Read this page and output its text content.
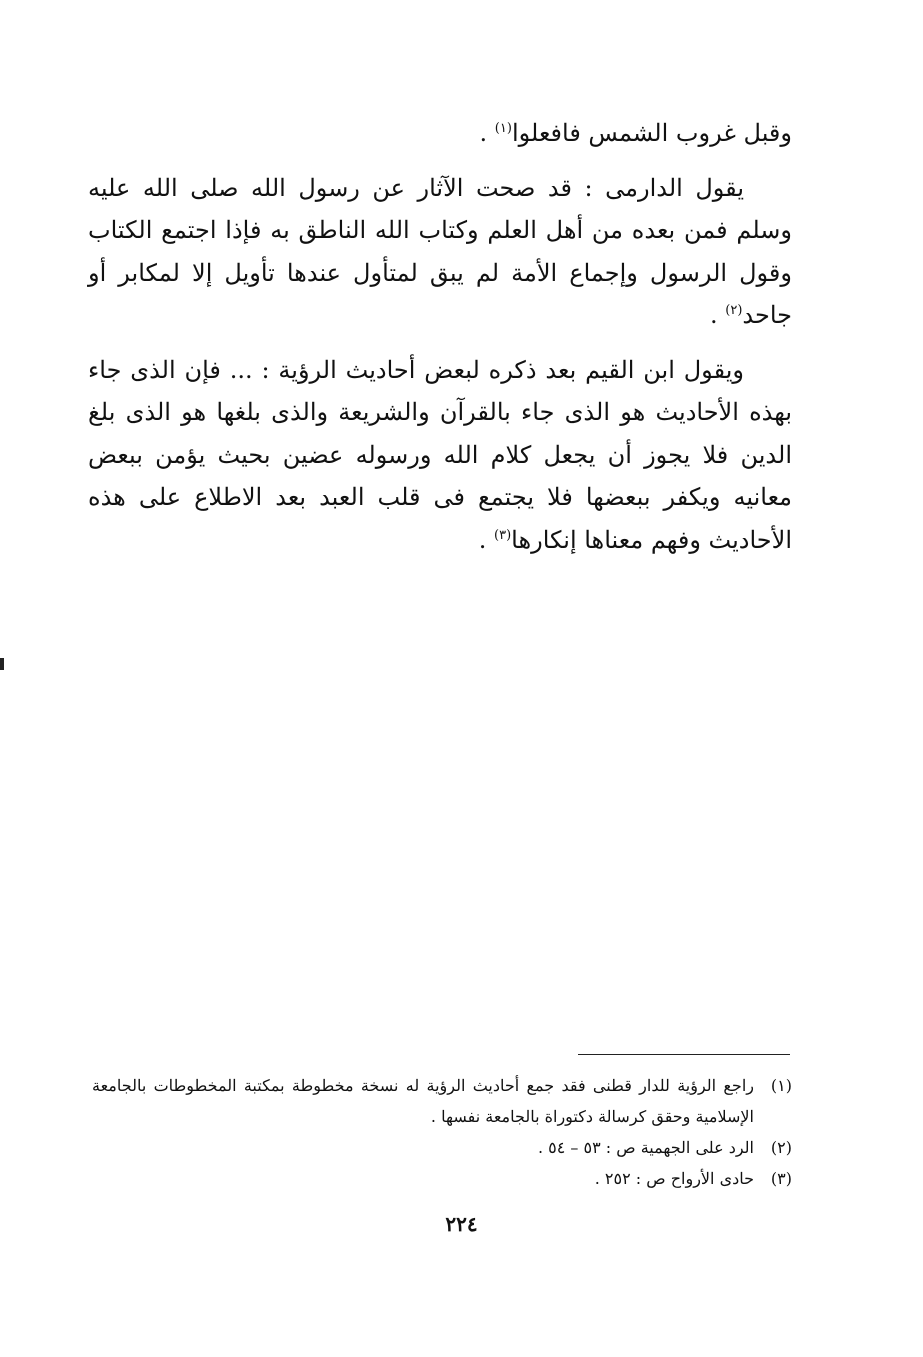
وقبل غروب الشمس فافعلوا$^{(١)}$ .

يقول الدارمى : قد صحت الآثار عن رسول الله صلى الله عليه وسلم فمن بعده من أهل العلم وكتاب الله الناطق به فإذا اجتمع الكتاب وقول الرسول وإجماع الأمة لم يبق لمتأول عندها تأويل إلا لمكابر أو جاحد$^{(٢)}$ .

ويقول ابن القيم بعد ذكره لبعض أحاديث الرؤية : ... فإن الذى جاء بهذه الأحاديث هو الذى جاء بالقرآن والشريعة والذى بلغها هو الذى بلغ الدين فلا يجوز أن يجعل كلام الله ورسوله عضين بحيث يؤمن ببعض معانيه ويكفر ببعضها فلا يجتمع فى قلب العبد بعد الاطلاع على هذه الأحاديث وفهم معناها إنكارها$^{(٣)}$ .

(١)
راجع الرؤية للدار قطنى فقد جمع أحاديث الرؤية له نسخة مخطوطة بمكتبة المخطوطات بالجامعة الإسلامية وحقق كرسالة دكتوراة بالجامعة نفسها .

(٢)
الرد على الجهمية ص : ٥٣ – ٥٤ .

(٣)
حادى الأرواح ص : ٢٥٢ .

٢٢٤
